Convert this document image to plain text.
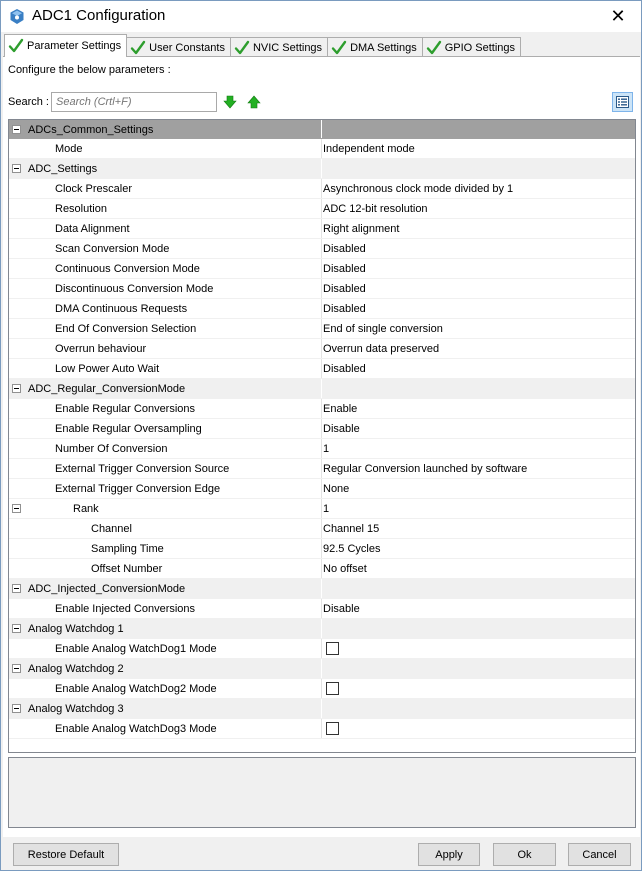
ADC1 Configuration	✕
Parameter Settings	User Constants	NVIC Settings	DMA Settings	GPIO Settings
Configure the below parameters :
Search :
Search (Crtl+F)
ADCs_Common_Settings
Mode	Independent mode
ADC_Settings
Clock Prescaler	Asynchronous clock mode divided by 1
Resolution	ADC 12-bit resolution
Data Alignment	Right alignment
Scan Conversion Mode	Disabled
Continuous Conversion Mode	Disabled
Discontinuous Conversion Mode	Disabled
DMA Continuous Requests	Disabled
End Of Conversion Selection	End of single conversion
Overrun behaviour	Overrun data preserved
Low Power Auto Wait	Disabled
ADC_Regular_ConversionMode
Enable Regular Conversions	Enable
Enable Regular Oversampling	Disable
Number Of Conversion	1
External Trigger Conversion Source	Regular Conversion launched by software
External Trigger Conversion Edge	None
Rank	1
Channel	Channel 15
Sampling Time	92.5 Cycles
Offset Number	No offset
ADC_Injected_ConversionMode
Enable Injected Conversions	Disable
Analog Watchdog 1
Enable Analog WatchDog1 Mode
Analog Watchdog 2
Enable Analog WatchDog2 Mode
Analog Watchdog 3
Enable Analog WatchDog3 Mode
Restore Default	Apply	Ok	Cancel
